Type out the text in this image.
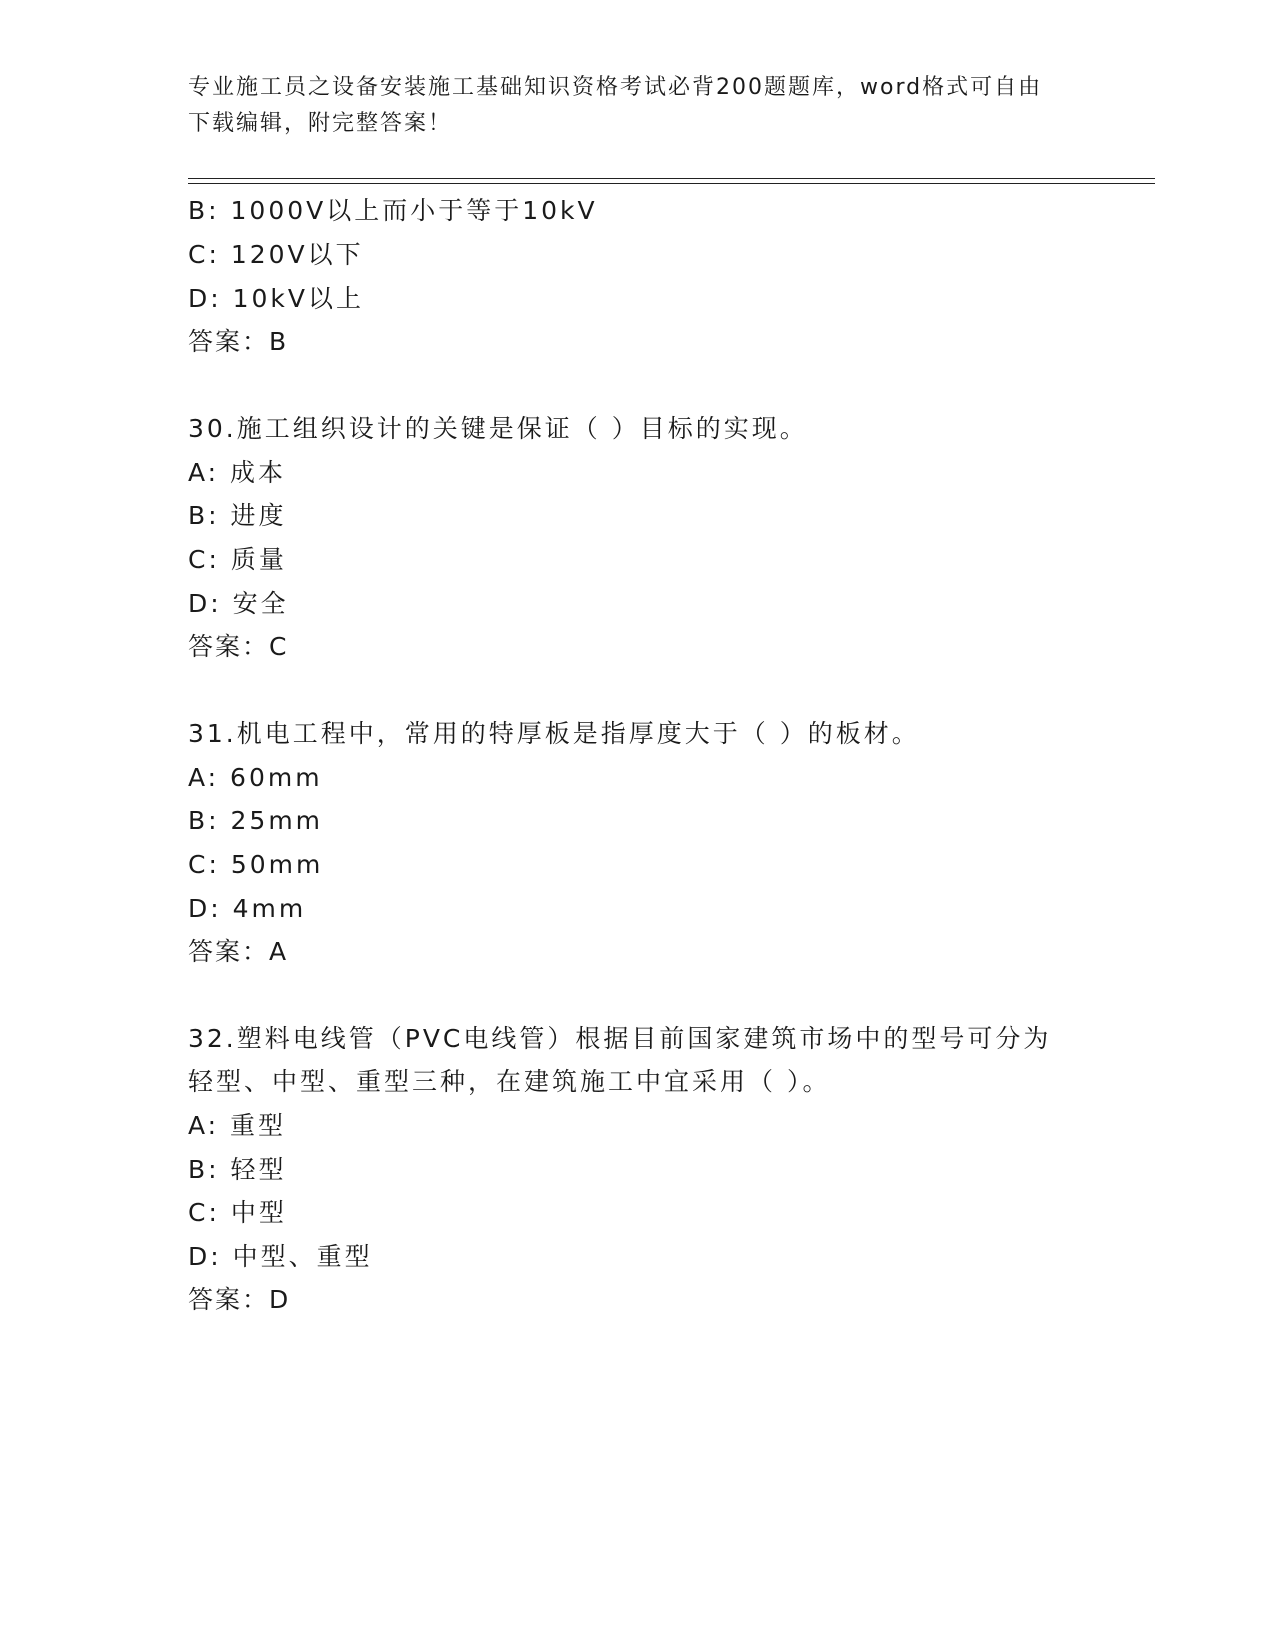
专业施工员之设备安装施工基础知识资格考试必背200题题库，word格式可自由
下载编辑，附完整答案！
B: 1000V以上而小于等于10kV
C: 120V以下
D: 10kV以上
答案：B
30.施工组织设计的关键是保证（ ）目标的实现。
A: 成本
B: 进度
C: 质量
D: 安全
答案：C
31.机电工程中，常用的特厚板是指厚度大于（ ）的板材。
A: 60mm
B: 25mm
C: 50mm
D: 4mm
答案：A
32.塑料电线管（PVC电线管）根据目前国家建筑市场中的型号可分为
轻型、中型、重型三种，在建筑施工中宜采用（ ）。
A: 重型
B: 轻型
C: 中型
D: 中型、重型
答案：D
